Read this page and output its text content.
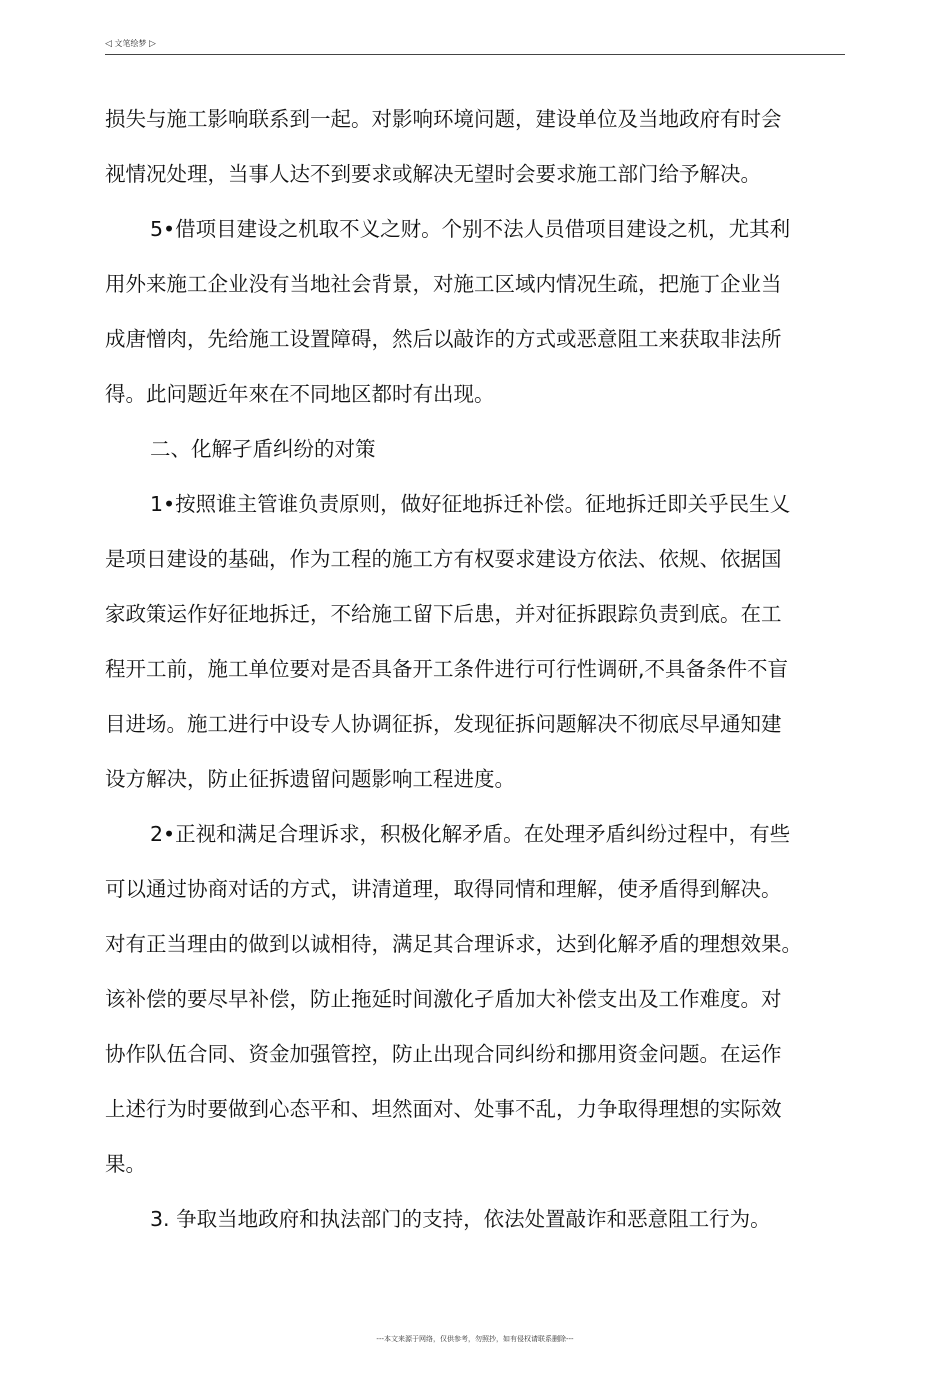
◁ 文笔绘梦 ▷

损失与施工影响联系到一起。对影响环境问题，建设单位及当地政府有时会
视情况处理，当事人达不到要求或解决无望时会要求施工部门给予解决。

5•借项目建设之机取不义之财。个别不法人员借项目建设之机，尤其利
用外来施工企业没有当地社会背景，对施工区域内情况生疏，把施丁企业当
成唐憎肉，先给施工设置障碍，然后以敲诈的方式或恶意阻工来获取非法所
得。此问题近年來在不同地区都时有出现。

二、化解孑盾纠纷的对策

1•按照谁主管谁负责原则，做好征地拆迁补偿。征地拆迁即关乎民生乂
是项日建设的基础，作为工程的施工方有权耍求建设方依法、依规、依据国
家政策运作好征地拆迁，不给施工留下后患，并对征拆跟踪负责到底。在工
程开工前，施工单位要对是否具备开工条件进行可行性调研,不具备条件不盲
目进场。施工进行中设专人协调征拆，发现征拆问题解决不彻底尽早通知建
设方解决，防止征拆遗留问题影响工程进度。

2•正视和满足合理诉求，积极化解矛盾。在处理矛盾纠纷过程中，有些
可以通过协商对话的方式，讲清道理，取得同情和理解，使矛盾得到解决。
对有正当理由的做到以诚相待，满足其合理诉求，达到化解矛盾的理想效果。
该补偿的要尽早补偿，防止拖延时间激化孑盾加大补偿支出及工作难度。对
协作队伍合同、资金加强管控，防止出现合同纠纷和挪用资金问题。在运作
上述行为时要做到心态平和、坦然面对、处事不乱，力争取得理想的实际效
果。

3. 争取当地政府和执法部门的支持，依法处置敲诈和恶意阻工行为。

---本文来源于网络，仅供参考，勿照抄，如有侵权请联系删除---
